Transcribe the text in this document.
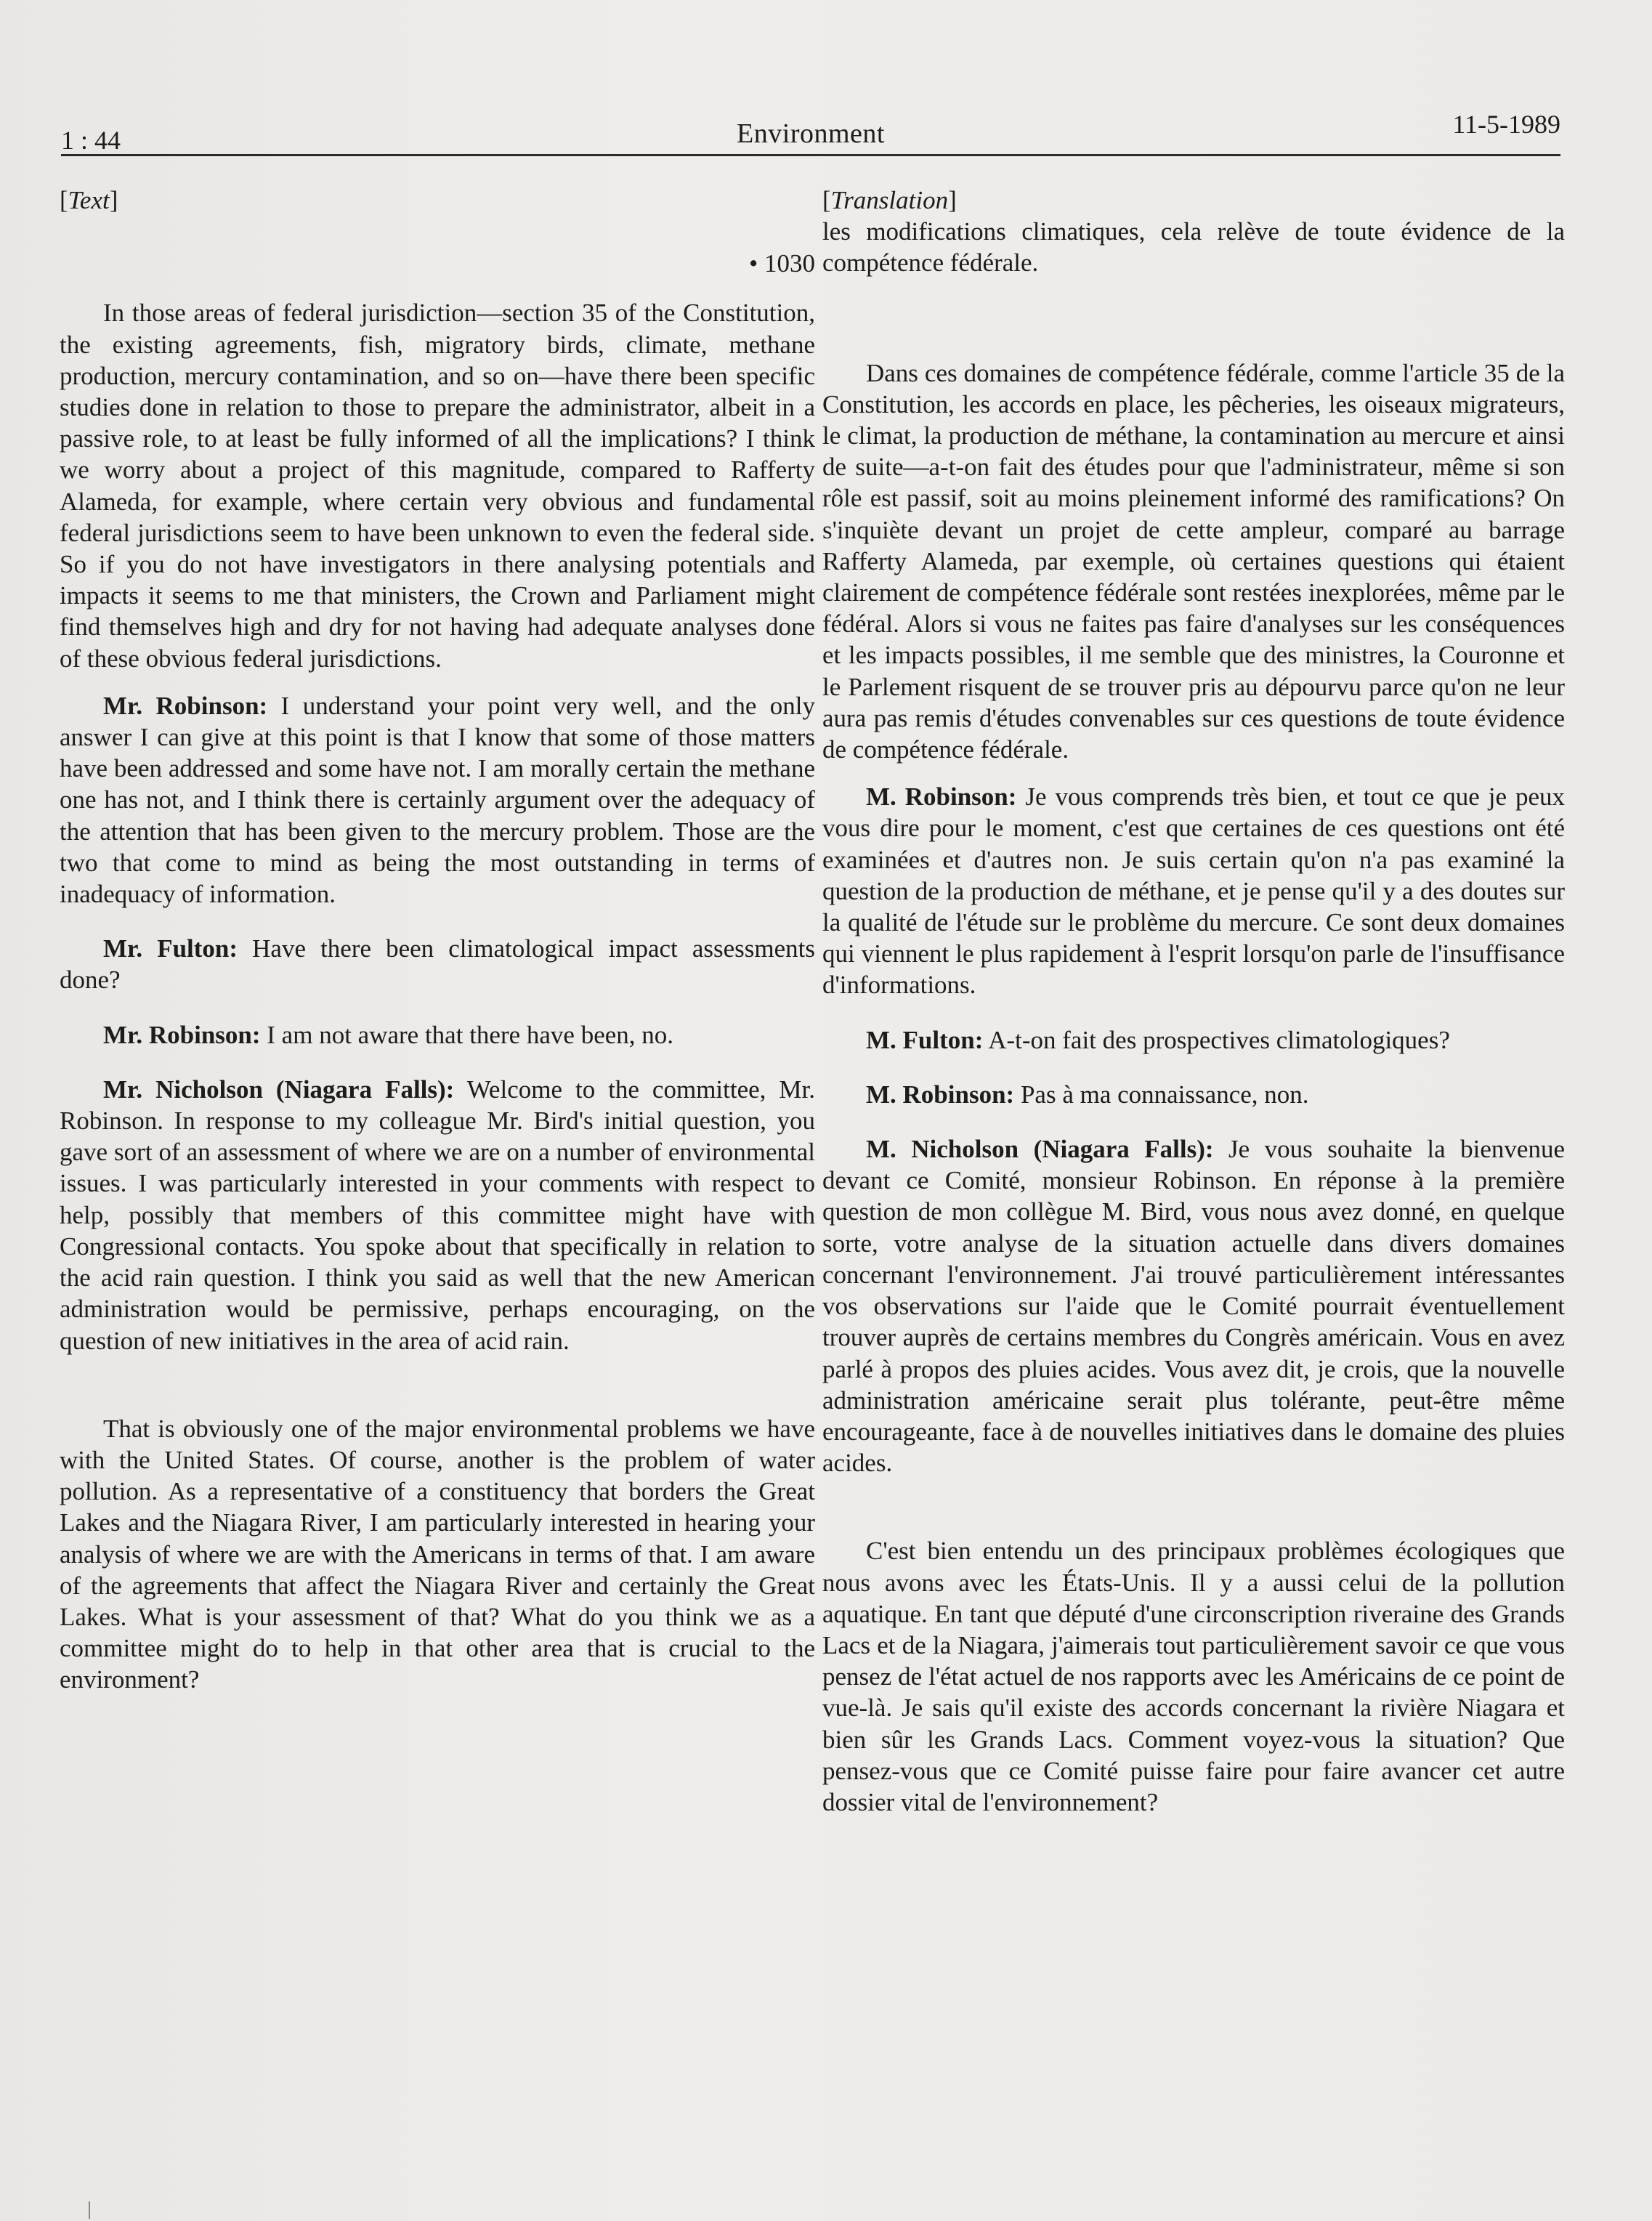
1 : 44	Environment	11-5-1989
[Text]
• 1030

In those areas of federal jurisdiction—section 35 of the Constitution, the existing agreements, fish, migratory birds, climate, methane production, mercury contamination, and so on—have there been specific studies done in relation to those to prepare the administrator, albeit in a passive role, to at least be fully informed of all the implications? I think we worry about a project of this magnitude, compared to Rafferty Alameda, for example, where certain very obvious and fundamental federal jurisdictions seem to have been unknown to even the federal side. So if you do not have investigators in there analysing potentials and impacts it seems to me that ministers, the Crown and Parliament might find themselves high and dry for not having had adequate analyses done of these obvious federal jurisdictions.

Mr. Robinson: I understand your point very well, and the only answer I can give at this point is that I know that some of those matters have been addressed and some have not. I am morally certain the methane one has not, and I think there is certainly argument over the adequacy of the attention that has been given to the mercury problem. Those are the two that come to mind as being the most outstanding in terms of inadequacy of information.

Mr. Fulton: Have there been climatological impact assessments done?

Mr. Robinson: I am not aware that there have been, no.

Mr. Nicholson (Niagara Falls): Welcome to the committee, Mr. Robinson. In response to my colleague Mr. Bird's initial question, you gave sort of an assessment of where we are on a number of environmental issues. I was particularly interested in your comments with respect to help, possibly that members of this committee might have with Congressional contacts. You spoke about that specifically in relation to the acid rain question. I think you said as well that the new American administration would be permissive, perhaps encouraging, on the question of new initiatives in the area of acid rain.

That is obviously one of the major environmental problems we have with the United States. Of course, another is the problem of water pollution. As a representative of a constituency that borders the Great Lakes and the Niagara River, I am particularly interested in hearing your analysis of where we are with the Americans in terms of that. I am aware of the agreements that affect the Niagara River and certainly the Great Lakes. What is your assessment of that? What do you think we as a committee might do to help in that other area that is crucial to the environment?

[Translation]

les modifications climatiques, cela relève de toute évidence de la compétence fédérale.

Dans ces domaines de compétence fédérale, comme l'article 35 de la Constitution, les accords en place, les pêcheries, les oiseaux migrateurs, le climat, la production de méthane, la contamination au mercure et ainsi de suite—a-t-on fait des études pour que l'administrateur, même si son rôle est passif, soit au moins pleinement informé des ramifications? On s'inquiète devant un projet de cette ampleur, comparé au barrage Rafferty Alameda, par exemple, où certaines questions qui étaient clairement de compétence fédérale sont restées inexplorées, même par le fédéral. Alors si vous ne faites pas faire d'analyses sur les conséquences et les impacts possibles, il me semble que des ministres, la Couronne et le Parlement risquent de se trouver pris au dépourvu parce qu'on ne leur aura pas remis d'études convenables sur ces questions de toute évidence de compétence fédérale.

M. Robinson: Je vous comprends très bien, et tout ce que je peux vous dire pour le moment, c'est que certaines de ces questions ont été examinées et d'autres non. Je suis certain qu'on n'a pas examiné la question de la production de méthane, et je pense qu'il y a des doutes sur la qualité de l'étude sur le problème du mercure. Ce sont deux domaines qui viennent le plus rapidement à l'esprit lorsqu'on parle de l'insuffisance d'informations.

M. Fulton: A-t-on fait des prospectives climatologiques?

M. Robinson: Pas à ma connaissance, non.

M. Nicholson (Niagara Falls): Je vous souhaite la bienvenue devant ce Comité, monsieur Robinson. En réponse à la première question de mon collègue M. Bird, vous nous avez donné, en quelque sorte, votre analyse de la situation actuelle dans divers domaines concernant l'environnement. J'ai trouvé particulièrement intéressantes vos observations sur l'aide que le Comité pourrait éventuellement trouver auprès de certains membres du Congrès américain. Vous en avez parlé à propos des pluies acides. Vous avez dit, je crois, que la nouvelle administration américaine serait plus tolérante, peut-être même encourageante, face à de nouvelles initiatives dans le domaine des pluies acides.

C'est bien entendu un des principaux problèmes écologiques que nous avons avec les États-Unis. Il y a aussi celui de la pollution aquatique. En tant que député d'une circonscription riveraine des Grands Lacs et de la Niagara, j'aimerais tout particulièrement savoir ce que vous pensez de l'état actuel de nos rapports avec les Américains de ce point de vue-là. Je sais qu'il existe des accords concernant la rivière Niagara et bien sûr les Grands Lacs. Comment voyez-vous la situation? Que pensez-vous que ce Comité puisse faire pour faire avancer cet autre dossier vital de l'environnement?
